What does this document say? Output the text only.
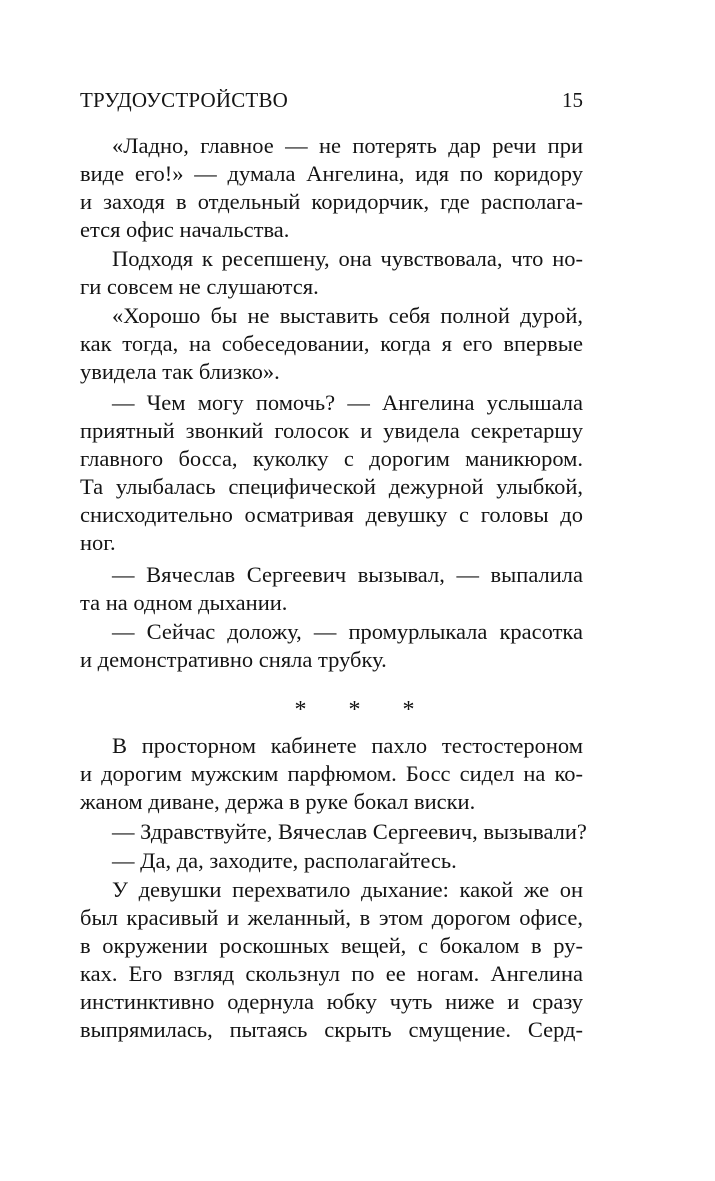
ТРУДОУСТРОЙСТВО	15
«Ладно, главное — не потерять дар речи при
виде его!» — думала Ангелина, идя по коридору
и заходя в отдельный коридорчик, где располага-
ется офис начальства.
Подходя к ресепшену, она чувствовала, что но-
ги совсем не слушаются.
«Хорошо бы не выставить себя полной дурой,
как тогда, на собеседовании, когда я его впервые
увидела так близко».
— Чем могу помочь? — Ангелина услышала
приятный звонкий голосок и увидела секретаршу
главного босса, куколку с дорогим маникюром.
Та улыбалась специфической дежурной улыбкой,
снисходительно осматривая девушку с головы до
ног.
— Вячеслав Сергеевич вызывал, — выпалила
та на одном дыхании.
— Сейчас доложу, — промурлыкала красотка
и демонстративно сняла трубку.
* * *
В просторном кабинете пахло тестостероном
и дорогим мужским парфюмом. Босс сидел на ко-
жаном диване, держа в руке бокал виски.
— Здравствуйте, Вячеслав Сергеевич, вызывали?
— Да, да, заходите, располагайтесь.
У девушки перехватило дыхание: какой же он
был красивый и желанный, в этом дорогом офисе,
в окружении роскошных вещей, с бокалом в ру-
ках. Его взгляд скользнул по ее ногам. Ангелина
инстинктивно одернула юбку чуть ниже и сразу
выпрямилась, пытаясь скрыть смущение. Серд-
